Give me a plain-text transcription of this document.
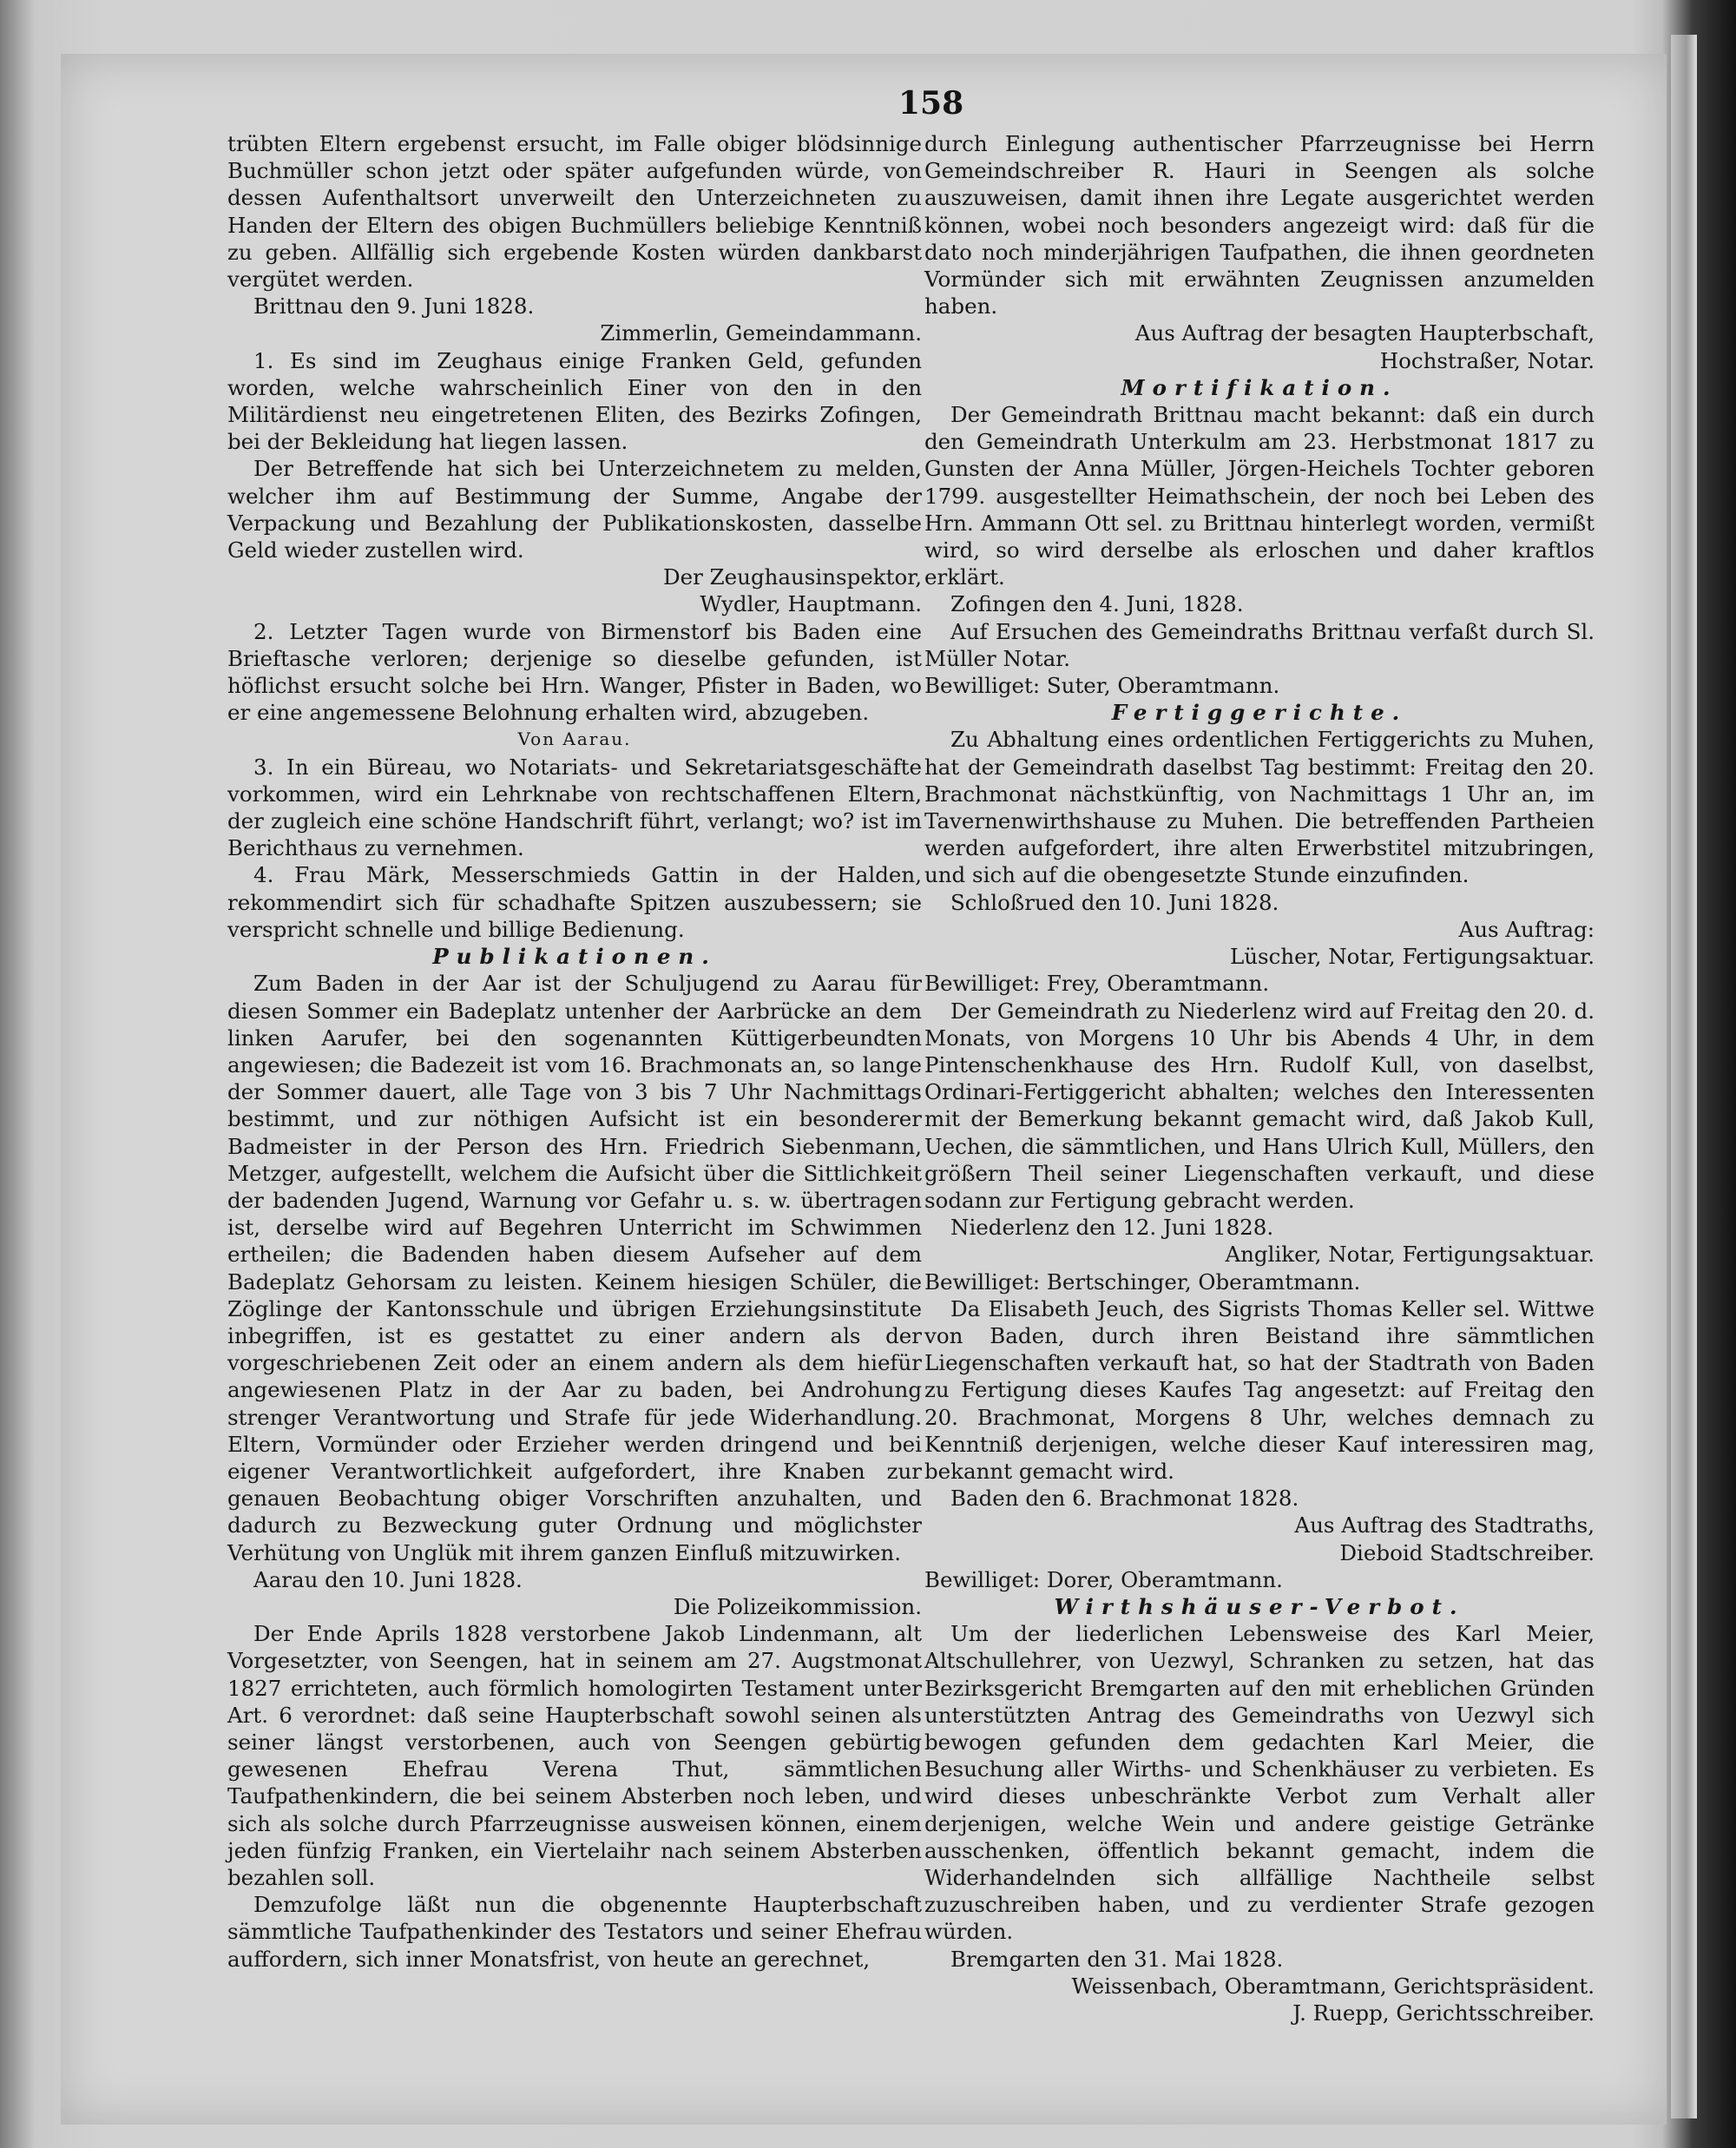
158

trübten Eltern ergebenst ersucht, im Falle obiger blödsinnige Buchmüller schon jetzt oder später aufgefunden würde, von dessen Aufenthaltsort unverweilt den Unterzeichneten zu Handen der Eltern des obigen Buchmüllers beliebige Kenntniß zu geben. Allfällig sich ergebende Kosten würden dankbarst vergütet werden.

Brittnau den 9. Juni 1828.

Zimmerlin, Gemeindammann.

1. Es sind im Zeughaus einige Franken Geld, gefunden worden, welche wahrscheinlich Einer von den in den Militärdienst neu eingetretenen Eliten, des Bezirks Zofingen, bei der Bekleidung hat liegen lassen.

Der Betreffende hat sich bei Unterzeichnetem zu melden, welcher ihm auf Bestimmung der Summe, Angabe der Verpackung und Bezahlung der Publikationskosten, dasselbe Geld wieder zustellen wird.

Der Zeughausinspektor,

Wydler, Hauptmann.

2. Letzter Tagen wurde von Birmenstorf bis Baden eine Brieftasche verloren; derjenige so dieselbe gefunden, ist höflichst ersucht solche bei Hrn. Wanger, Pfister in Baden, wo er eine angemessene Belohnung erhalten wird, abzugeben.

Von Aarau.

3. In ein Büreau, wo Notariats- und Sekretariatsgeschäfte vorkommen, wird ein Lehrknabe von rechtschaffenen Eltern, der zugleich eine schöne Handschrift führt, verlangt; wo? ist im Berichthaus zu vernehmen.

4. Frau Märk, Messerschmieds Gattin in der Halden, rekommendirt sich für schadhafte Spitzen auszubessern; sie verspricht schnelle und billige Bedienung.

Publikationen.

Zum Baden in der Aar ist der Schuljugend zu Aarau für diesen Sommer ein Badeplatz untenher der Aarbrücke an dem linken Aarufer, bei den sogenannten Küttigerbeundten angewiesen; die Badezeit ist vom 16. Brachmonats an, so lange der Sommer dauert, alle Tage von 3 bis 7 Uhr Nachmittags bestimmt, und zur nöthigen Aufsicht ist ein besonderer Badmeister in der Person des Hrn. Friedrich Siebenmann, Metzger, aufgestellt, welchem die Aufsicht über die Sittlichkeit der badenden Jugend, Warnung vor Gefahr u. s. w. übertragen ist, derselbe wird auf Begehren Unterricht im Schwimmen ertheilen; die Badenden haben diesem Aufseher auf dem Badeplatz Gehorsam zu leisten. Keinem hiesigen Schüler, die Zöglinge der Kantonsschule und übrigen Erziehungsinstitute inbegriffen, ist es gestattet zu einer andern als der vorgeschriebenen Zeit oder an einem andern als dem hiefür angewiesenen Platz in der Aar zu baden, bei Androhung strenger Verantwortung und Strafe für jede Widerhandlung. Eltern, Vormünder oder Erzieher werden dringend und bei eigener Verantwortlichkeit aufgefordert, ihre Knaben zur genauen Beobachtung obiger Vorschriften anzuhalten, und dadurch zu Bezweckung guter Ordnung und möglichster Verhütung von Unglük mit ihrem ganzen Einfluß mitzuwirken.

Aarau den 10. Juni 1828.

Die Polizeikommission.

Der Ende Aprils 1828 verstorbene Jakob Lindenmann, alt Vorgesetzter, von Seengen, hat in seinem am 27. Augstmonat 1827 errichteten, auch förmlich homologirten Testament unter Art. 6 verordnet: daß seine Haupterbschaft sowohl seinen als seiner längst verstorbenen, auch von Seengen gebürtig gewesenen Ehefrau Verena Thut, sämmtlichen Taufpathenkindern, die bei seinem Absterben noch leben, und sich als solche durch Pfarrzeugnisse ausweisen können, einem jeden fünfzig Franken, ein Viertelaihr nach seinem Absterben bezahlen soll.

Demzufolge läßt nun die obgenennte Haupterbschaft sämmtliche Taufpathenkinder des Testators und seiner Ehefrau auffordern, sich inner Monatsfrist, von heute an gerechnet,

durch Einlegung authentischer Pfarrzeugnisse bei Herrn Gemeindschreiber R. Hauri in Seengen als solche auszuweisen, damit ihnen ihre Legate ausgerichtet werden können, wobei noch besonders angezeigt wird: daß für die dato noch minderjährigen Taufpathen, die ihnen geordneten Vormünder sich mit erwähnten Zeugnissen anzumelden haben.

Aus Auftrag der besagten Haupterbschaft,

Hochstraßer, Notar.

Mortifikation.

Der Gemeindrath Brittnau macht bekannt: daß ein durch den Gemeindrath Unterkulm am 23. Herbstmonat 1817 zu Gunsten der Anna Müller, Jörgen-Heichels Tochter geboren 1799. ausgestellter Heimathschein, der noch bei Leben des Hrn. Ammann Ott sel. zu Brittnau hinterlegt worden, vermißt wird, so wird derselbe als erloschen und daher kraftlos erklärt.

Zofingen den 4. Juni, 1828.

Auf Ersuchen des Gemeindraths Brittnau verfaßt durch Sl. Müller Notar.

Bewilliget: Suter, Oberamtmann.

Fertiggerichte.

Zu Abhaltung eines ordentlichen Fertiggerichts zu Muhen, hat der Gemeindrath daselbst Tag bestimmt: Freitag den 20. Brachmonat nächstkünftig, von Nachmittags 1 Uhr an, im Tavernenwirthshause zu Muhen. Die betreffenden Partheien werden aufgefordert, ihre alten Erwerbstitel mitzubringen, und sich auf die obengesetzte Stunde einzufinden.

Schloßrued den 10. Juni 1828.

Aus Auftrag:

Lüscher, Notar, Fertigungsaktuar.

Bewilliget: Frey, Oberamtmann.

Der Gemeindrath zu Niederlenz wird auf Freitag den 20. d. Monats, von Morgens 10 Uhr bis Abends 4 Uhr, in dem Pintenschenkhause des Hrn. Rudolf Kull, von daselbst, Ordinari-Fertiggericht abhalten; welches den Interessenten mit der Bemerkung bekannt gemacht wird, daß Jakob Kull, Uechen, die sämmtlichen, und Hans Ulrich Kull, Müllers, den größern Theil seiner Liegenschaften verkauft, und diese sodann zur Fertigung gebracht werden.

Niederlenz den 12. Juni 1828.

Angliker, Notar, Fertigungsaktuar.

Bewilliget: Bertschinger, Oberamtmann.

Da Elisabeth Jeuch, des Sigrists Thomas Keller sel. Wittwe von Baden, durch ihren Beistand ihre sämmtlichen Liegenschaften verkauft hat, so hat der Stadtrath von Baden zu Fertigung dieses Kaufes Tag angesetzt: auf Freitag den 20. Brachmonat, Morgens 8 Uhr, welches demnach zu Kenntniß derjenigen, welche dieser Kauf interessiren mag, bekannt gemacht wird.

Baden den 6. Brachmonat 1828.

Aus Auftrag des Stadtraths,

Dieboid Stadtschreiber.

Bewilliget: Dorer, Oberamtmann.

Wirthshäuser-Verbot.

Um der liederlichen Lebensweise des Karl Meier, Altschullehrer, von Uezwyl, Schranken zu setzen, hat das Bezirksgericht Bremgarten auf den mit erheblichen Gründen unterstützten Antrag des Gemeindraths von Uezwyl sich bewogen gefunden dem gedachten Karl Meier, die Besuchung aller Wirths- und Schenkhäuser zu verbieten. Es wird dieses unbeschränkte Verbot zum Verhalt aller derjenigen, welche Wein und andere geistige Getränke ausschenken, öffentlich bekannt gemacht, indem die Widerhandelnden sich allfällige Nachtheile selbst zuzuschreiben haben, und zu verdienter Strafe gezogen würden.

Bremgarten den 31. Mai 1828.

Weissenbach, Oberamtmann, Gerichtspräsident.

J. Ruepp, Gerichtsschreiber.
